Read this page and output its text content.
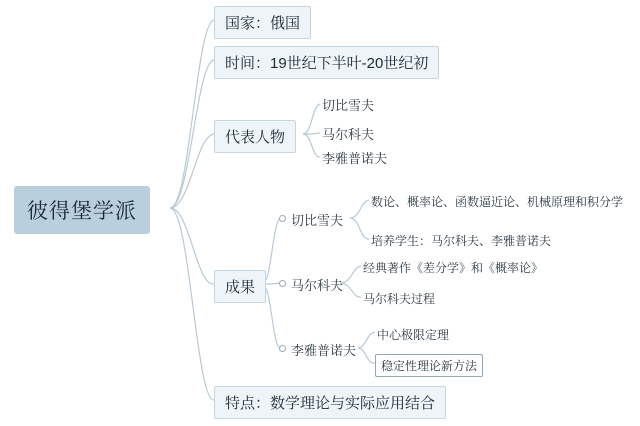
彼得堡学派
国家：俄国
时间：19世纪下半叶-20世纪初
代表人物
切比雪夫
马尔科夫
李雅普诺夫
成果
切比雪夫
数论、概率论、函数逼近论、机械原理和积分学
培养学生：马尔科夫、李雅普诺夫
马尔科夫
经典著作《差分学》和《概率论》
马尔科夫过程
李雅普诺夫
中心极限定理
稳定性理论新方法
特点：数学理论与实际应用结合
